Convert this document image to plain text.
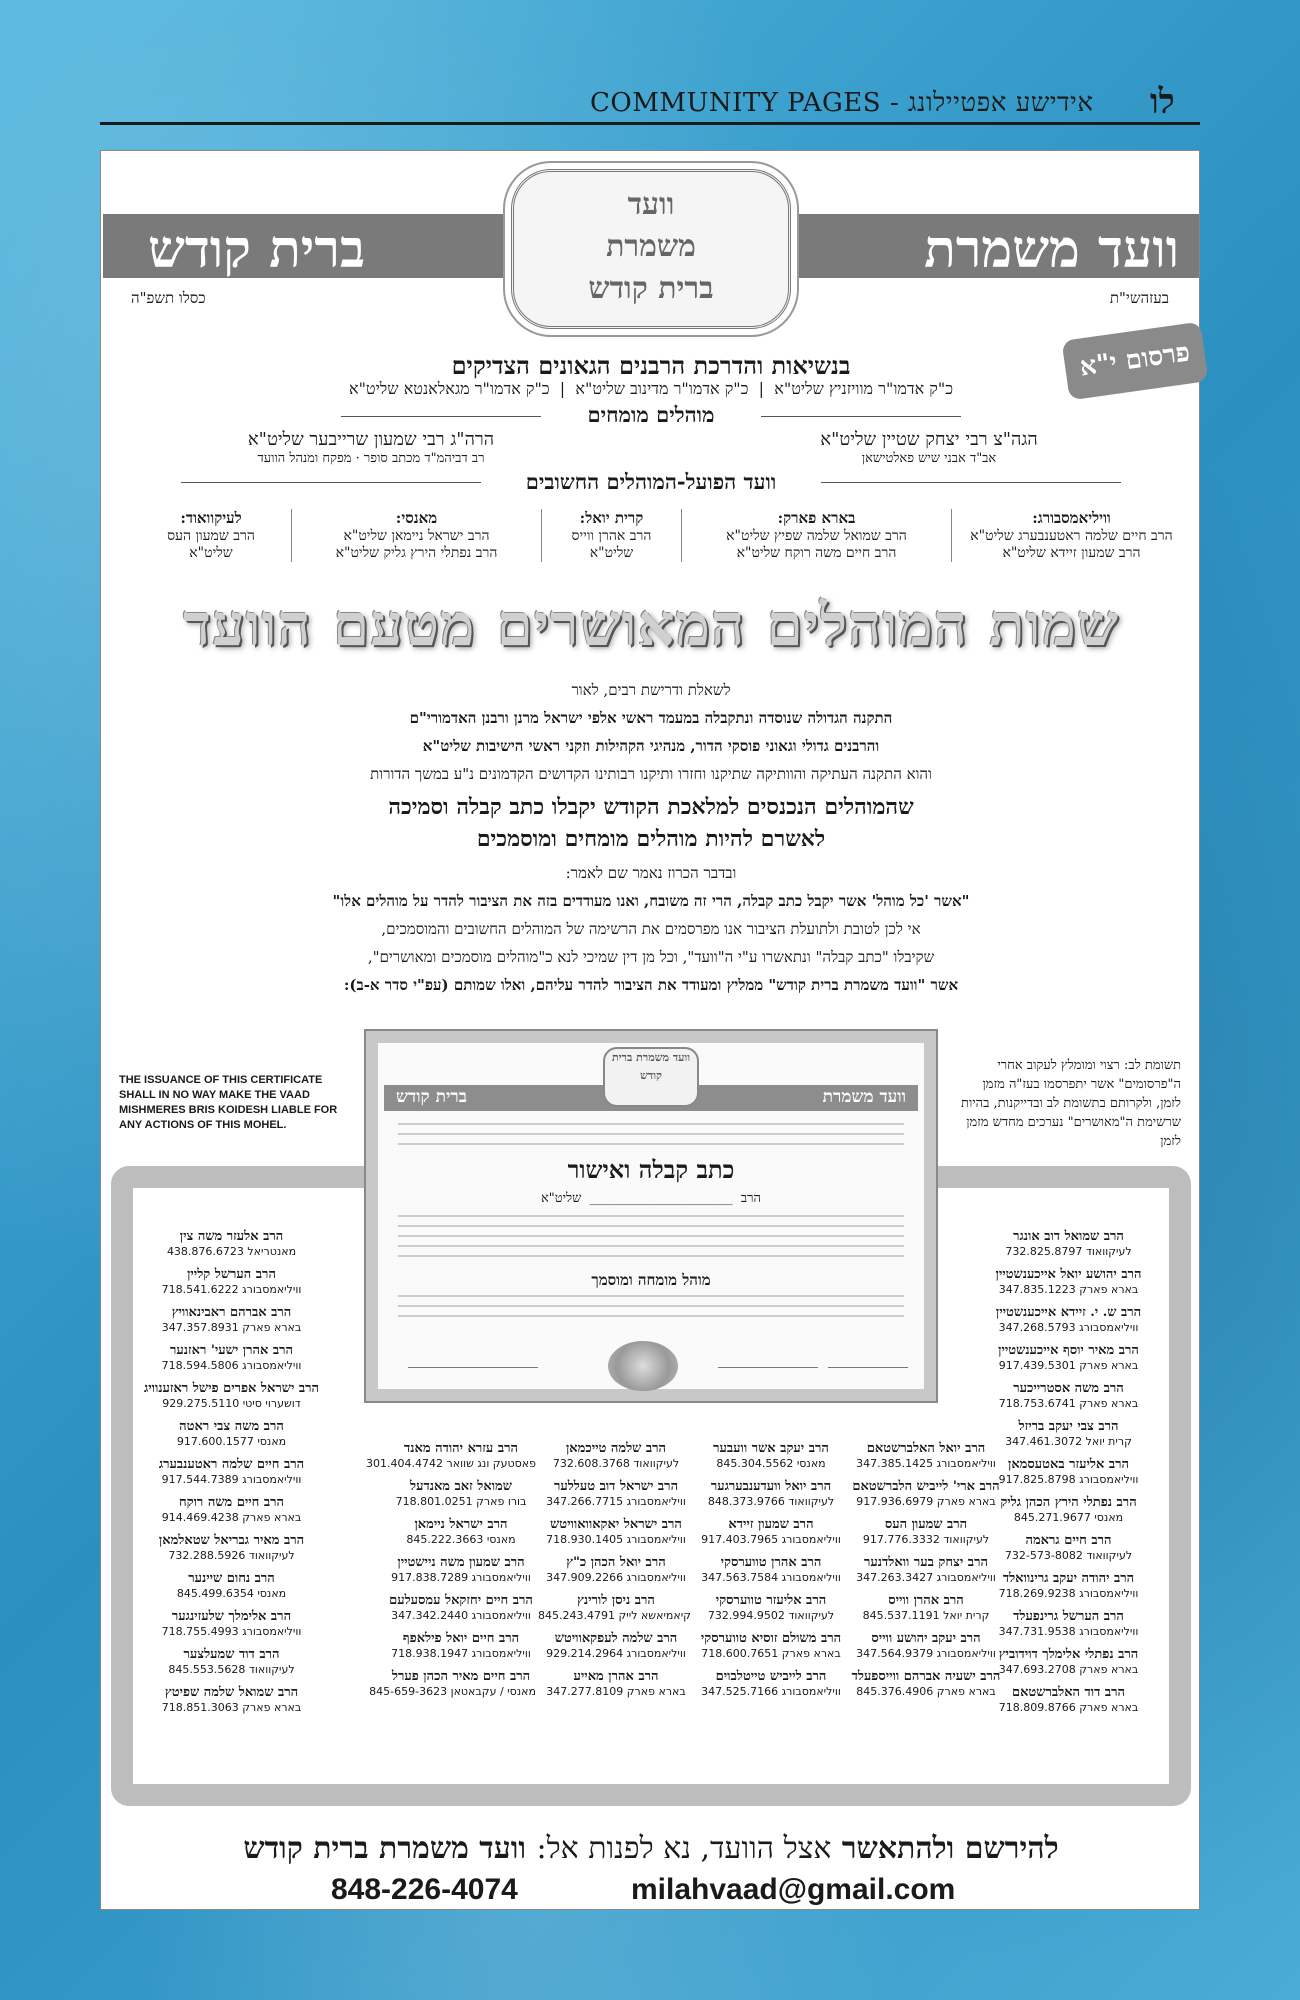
COMMUNITY PAGES - אידישע אפטיילונג לו
וועד משמרת
ברית קודש
וועד
משמרת
ברית קודש	בעזהשי"ת
כסלו תשפ"ה
פרסום י"א
בנשיאות והדרכת הרבנים הגאונים הצדיקים
כ"ק אדמו"ר מוויזניץ שליט"א  |  כ"ק אדמו"ר מדינוב שליט"א  |  כ"ק אדמו"ר מגאלאנטא שליט"א
מוהלים מומחים
הגה"צ רבי יצחק שטיין שליט"א
אב"ד אבני שיש פאלטישאן
הרה"ג רבי שמעון שרייבער שליט"א
רב דביהמ"ד מכתב סופר · מפקח ומנהל הוועד
וועד הפועל-המוהלים החשובים
וויליאמסבורג:
הרב חיים שלמה ראטענבערג שליט"א
הרב שמעון זיידא שליט"א
בארא פארק:
הרב שמואל שלמה שפיץ שליט"א
הרב חיים משה רוקח שליט"א
קרית יואל:
הרב אהרן ווייס
שליט"א
מאנסי:
הרב ישראל ניימאן שליט"א
הרב נפתלי הירץ גליק שליט"א
לעיקוואוד:
הרב שמעון העס
שליט"א
שמות המוהלים המאושרים מטעם הוועד
לשאלת ודרישת רבים, לאור
התקנה הגדולה שנוסדה ונתקבלה במעמד ראשי אלפי ישראל מרנן ורבנן האדמורי"ם
והרבנים גדולי וגאוני פוסקי הדור, מנהיגי הקהילות וזקני ראשי הישיבות שליט"א
והוא התקנה העתיקה והוותיקה שתיקנו וחזרו ותיקנו רבותינו הקדושים הקדמונים נ"ע במשך הדורות
שהמוהלים הנכנסים למלאכת הקודש יקבלו כתב קבלה וסמיכה
לאשרם להיות מוהלים מומחים ומוסמכים
ובדבר הכרוז נאמר שם לאמר:
"אשר 'כל מוהל' אשר יקבל כתב קבלה, הרי זה משובח, ואנו מעודדים בזה את הציבור להדר על מוהלים אלו"
אי לכן לטובת ולתועלת הציבור אנו מפרסמים את הרשימה של המוהלים החשובים והמוסמכים,
שקיבלו "כתב קבלה" ונתאשרו ע"י ה"וועד", וכל מן דין שמיכי לנא כ"מוהלים מוסמכים ומאושרים",
אשר "וועד משמרת ברית קודש" ממליץ ומעודד את הציבור להדר עליהם, ואלו שמותם (עפ"י סדר א-ב):
THE ISSUANCE OF THIS CERTIFICATE SHALL IN NO WAY MAKE THE VAAD MISHMERES BRIS KOIDESH LIABLE FOR ANY ACTIONS OF THIS MOHEL.
תשומת לב: רצוי ומומלץ לעקוב אחרי ה"פרסומים" אשר יתפרסמו בעז"ה מזמן לזמן, ולקרותם בתשומת לב ובדייקנות, בהיות שרשימת ה"מאושרים" נערכים מחדש מזמן לזמן
וועד משמרת
ברית קודש
וועד משמרת ברית קודש
כתב קבלה ואישור
הרב  ______________________  שליט"א
מוהל מומחה ומוסמך
הרב שמואל דוב אונגר
לעיקוואוד 732.825.8797
הרב יהושע יואל אייכענשטיין
בארא פארק 347.835.1223
הרב ש. י. זיידא אייכענשטיין
וויליאמסבורג 347.268.5793
הרב מאיר יוסף אייכענשטיין
בארא פארק 917.439.5301
הרב משה אסטרייכער
בארא פארק 718.753.6741
הרב צבי יעקב בריזל
קרית יואל 347.461.3072
הרב אליעזר באטעסמאן
וויליאמסבורג 917.825.8798
הרב נפתלי הירץ הכהן גליק
מאנסי 845.271.9677
הרב חיים גראמה
לעיקוואוד 732-573-8082
הרב יהודה יעקב גרינוואלד
וויליאמסבורג 718.269.9238
הרב הערשל גרינפעלד
וויליאמסבורג 347.731.9538
הרב נפתלי אלימלך דוידוביץ
בארא פארק 347.693.2708
הרב דוד האלברשטאם
בארא פארק 718.809.8766
הרב אלעזר משה צין
מאנטריאל 438.876.6723
הרב הערשל קליין
וויליאמסבורג 718.541.6222
הרב אברהם ראבינאוויץ
בארא פארק 347.357.8931
הרב אהרן ישעי' ראזנער
וויליאמסבורג 718.594.5806
הרב ישראל אפרים פישל ראזענוויג
דושערוי סיטי 929.275.5110
הרב משה צבי ראטה
מאנסי 917.600.1577
הרב חיים שלמה ראטענבערג
וויליאמסבורג 917.544.7389
הרב חיים משה רוקח
בארא פארק 914.469.4238
הרב מאיר גבריאל שטאלמאן
לעיקוואוד 732.288.5926
הרב נחום שיינער
מאנסי 845.499.6354
הרב אלימלך שלעזינגער
וויליאמסבורג 718.755.4993
הרב דוד שמעלצער
לעיקוואוד 845.553.5628
הרב שמואל שלמה שפיטץ
בארא פארק 718.851.3063
הרב יואל האלברשטאם
וויליאמסבורג 347.385.1425
הרב ארי' לייביש הלברשטאם
בארא פארק 917.936.6979
הרב שמעון העס
לעיקוואוד 917.776.3332
הרב יצחק בער וואלדנער
וויליאמסבורג 347.263.3427
הרב אהרן ווייס
קרית יואל 845.537.1191
הרב יעקב יהושע ווייס
וויליאמסבורג 347.564.9379
הרב ישעיה אברהם ווייספעלד
בארא פארק 845.376.4906
הרב יעקב אשר וועבער
מאנסי 845.304.5562
הרב יואל וועדענבערגער
לעיקוואוד 848.373.9766
הרב שמעון זיידא
וויליאמסבורג 917.403.7965
הרב אהרן טווערסקי
וויליאמסבורג 347.563.7584
הרב אליעזר טווערסקי
לעיקוואוד 732.994.9502
הרב משולם זוסיא טווערסקי
בארא פארק 718.600.7651
הרב לייביש טייטלבוים
וויליאמסבורג 347.525.7166
הרב שלמה טייכמאן
לעיקוואוד 732.608.3768
הרב ישראל דוב טעללער
וויליאמסבורג 347.266.7715
הרב ישראל יאקאוואוויטש
וויליאמסבורג 718.930.1405
הרב יואל הכהן כ"ץ
וויליאמסבורג 347.909.2266
הרב ניסן לורינץ
קיאמיאשא לייק 845.243.4791
הרב שלמה לעפקאוויטש
וויליאמסבורג 929.214.2964
הרב אהרן מאייע
בארא פארק 347.277.8109
הרב עזרא יהודה מאנד
פאסטעק ונג שוואר 301.404.4742
שמואל זאב מאנדעל
בורו פארק 718.801.0251
הרב ישראל ניימאן
מאנסי 845.222.3663
הרב שמעון משה ניישטיין
וויליאמסבורג 917.838.7289
הרב חיים יחזקאל עמסעלעם
וויליאמסבורג 347.342.2440
הרב חיים יואל פילאפף
וויליאמסבורג 718.938.1947
הרב חיים מאיר הכהן פערל
מאנסי / עקבאטאן 845-659-3623
להירשם ולהתאשר אצל הוועד, נא לפנות אל: וועד משמרת ברית קודש
848-226-4074	milahvaad@gmail.com
